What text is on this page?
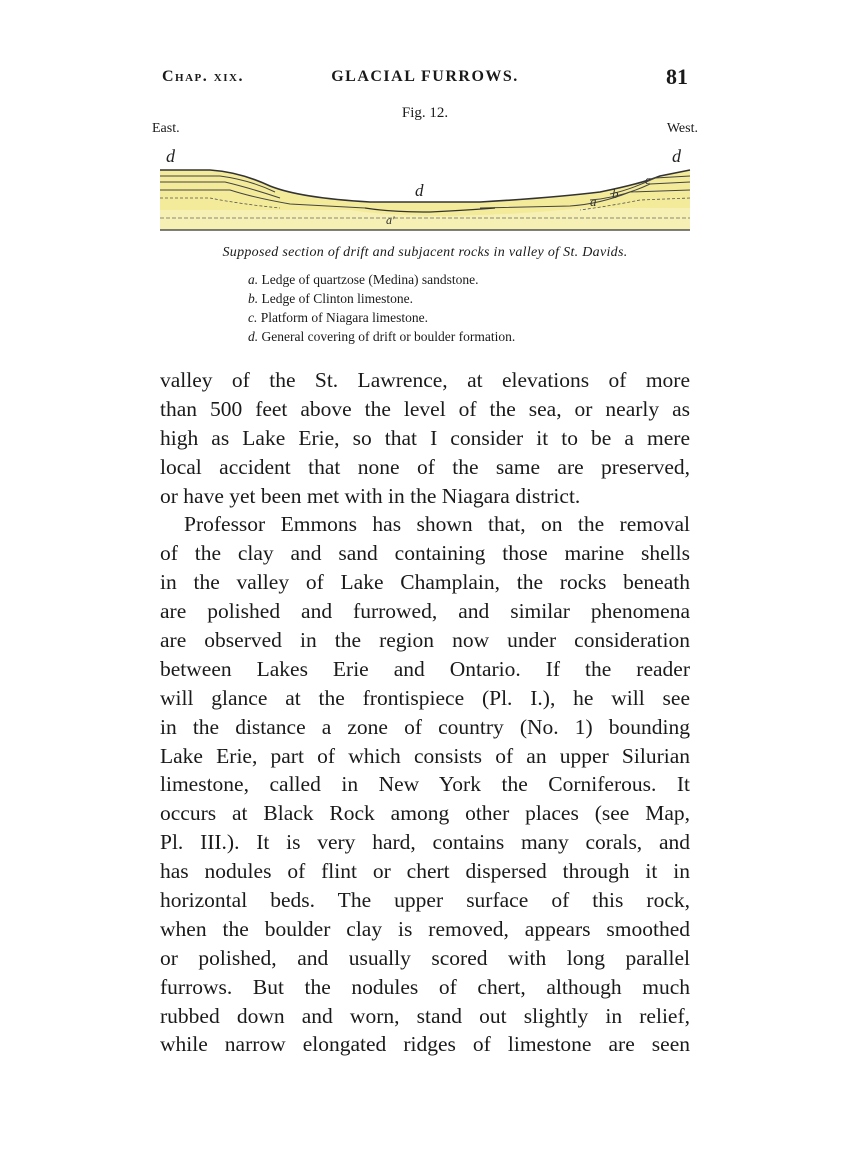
Chap. xix.	GLACIAL FURROWS.	81
Fig. 12.
East.	West.
d
d
d
a'
a
b
c
Supposed section of drift and subjacent rocks in valley of St. Davids.
a. Ledge of quartzose (Medina) sandstone.
b. Ledge of Clinton limestone.
c. Platform of Niagara limestone.
d. General covering of drift or boulder formation.
valley of the St. Lawrence, at elevations of more
than 500 feet above the level of the sea, or nearly as
high as Lake Erie, so that I consider it to be a mere
local accident that none of the same are preserved,
or have yet been met with in the Niagara district.
Professor Emmons has shown that, on the removal
of the clay and sand containing those marine shells
in the valley of Lake Champlain, the rocks beneath
are polished and furrowed, and similar phenomena
are observed in the region now under consideration
between Lakes Erie and Ontario. If the reader
will glance at the frontispiece (Pl. I.), he will see
in the distance a zone of country (No. 1) bounding
Lake Erie, part of which consists of an upper Silurian
limestone, called in New York the Corniferous. It
occurs at Black Rock among other places (see Map,
Pl. III.). It is very hard, contains many corals, and
has nodules of flint or chert dispersed through it in
horizontal beds. The upper surface of this rock,
when the boulder clay is removed, appears smoothed
or polished, and usually scored with long parallel
furrows. But the nodules of chert, although much
rubbed down and worn, stand out slightly in relief,
while narrow elongated ridges of limestone are seen
